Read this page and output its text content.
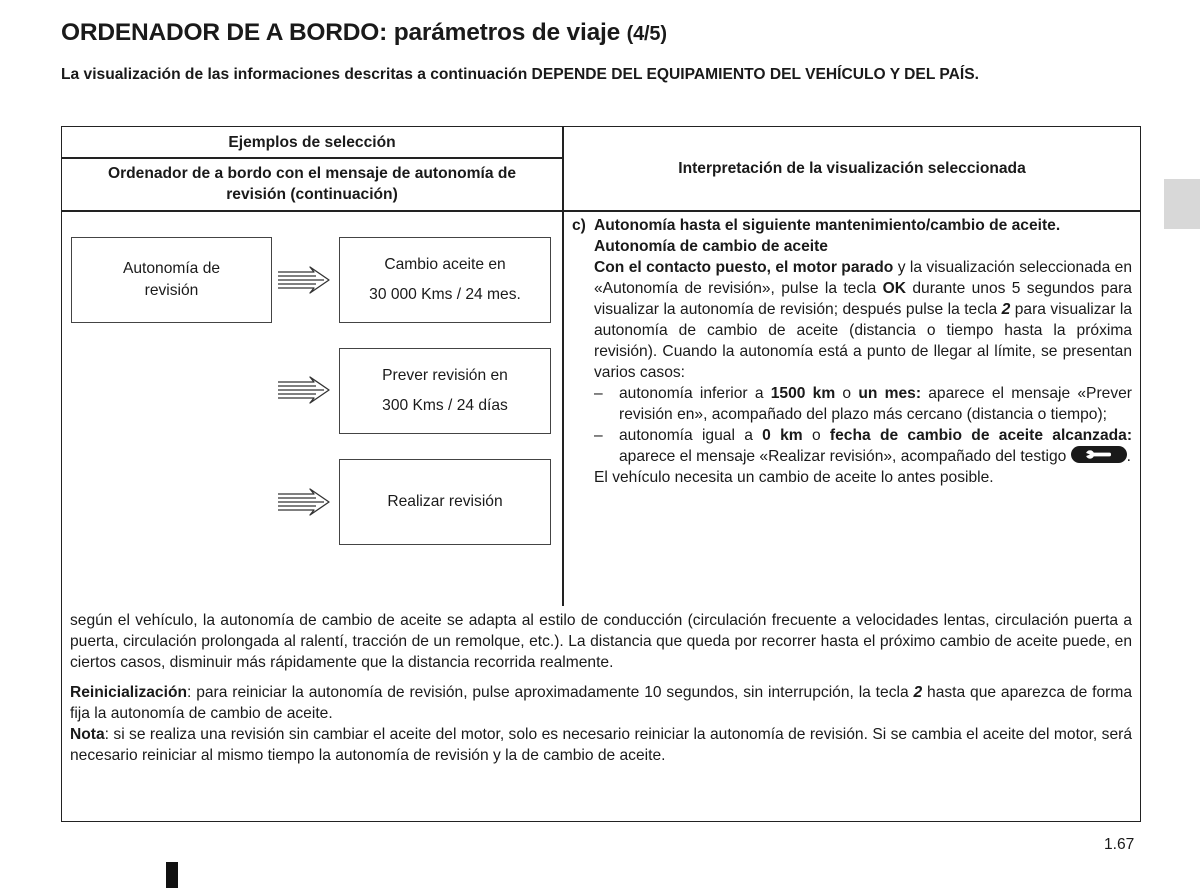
ORDENADOR DE A BORDO: parámetros de viaje (4/5)
La visualización de las informaciones descritas a continuación DEPENDE DEL EQUIPAMIENTO DEL VEHÍCULO Y DEL PAÍS.
Ejemplos de selección
Ordenador de a bordo con el mensaje de autonomía de revisión (continuación)
Interpretación de la visualización seleccionada
Autonomía de revisión
Cambio aceite en
30 000 Kms / 24 mes.
Prever revisión en
300 Kms / 24 días
Realizar revisión
c) Autonomía hasta el siguiente mantenimiento/cambio de aceite.

Autonomía de cambio de aceite

Con el contacto puesto, el motor parado y la visualización seleccionada en «Autonomía de revisión», pulse la tecla OK durante unos 5 segundos para visualizar la autonomía de revisión; después pulse la tecla 2 para visualizar la autonomía de cambio de aceite (distancia o tiempo hasta la próxima revisión). Cuando la autonomía está a punto de llegar al límite, se presentan varios casos:

– autonomía inferior a 1500 km o un mes: aparece el mensaje «Prever revisión en», acompañado del plazo más cercano (distancia o tiempo);
– autonomía igual a 0 km o fecha de cambio de aceite alcanzada: aparece el mensaje «Realizar revisión», acompañado del testigo	.

El vehículo necesita un cambio de aceite lo antes posible.

según el vehículo, la autonomía de cambio de aceite se adapta al estilo de conducción (circulación frecuente a velocidades lentas, circulación puerta a puerta, circulación prolongada al ralentí, tracción de un remolque, etc.). La distancia que queda por recorrer hasta el próximo cambio de aceite puede, en ciertos casos, disminuir más rápidamente que la distancia recorrida realmente.

Reinicialización: para reiniciar la autonomía de revisión, pulse aproximadamente 10 segundos, sin interrupción, la tecla 2 hasta que aparezca de forma fija la autonomía de cambio de aceite.

Nota: si se realiza una revisión sin cambiar el aceite del motor, solo es necesario reiniciar la autonomía de revisión. Si se cambia el aceite del motor, será necesario reiniciar al mismo tiempo la autonomía de revisión y la de cambio de aceite.

1.67
